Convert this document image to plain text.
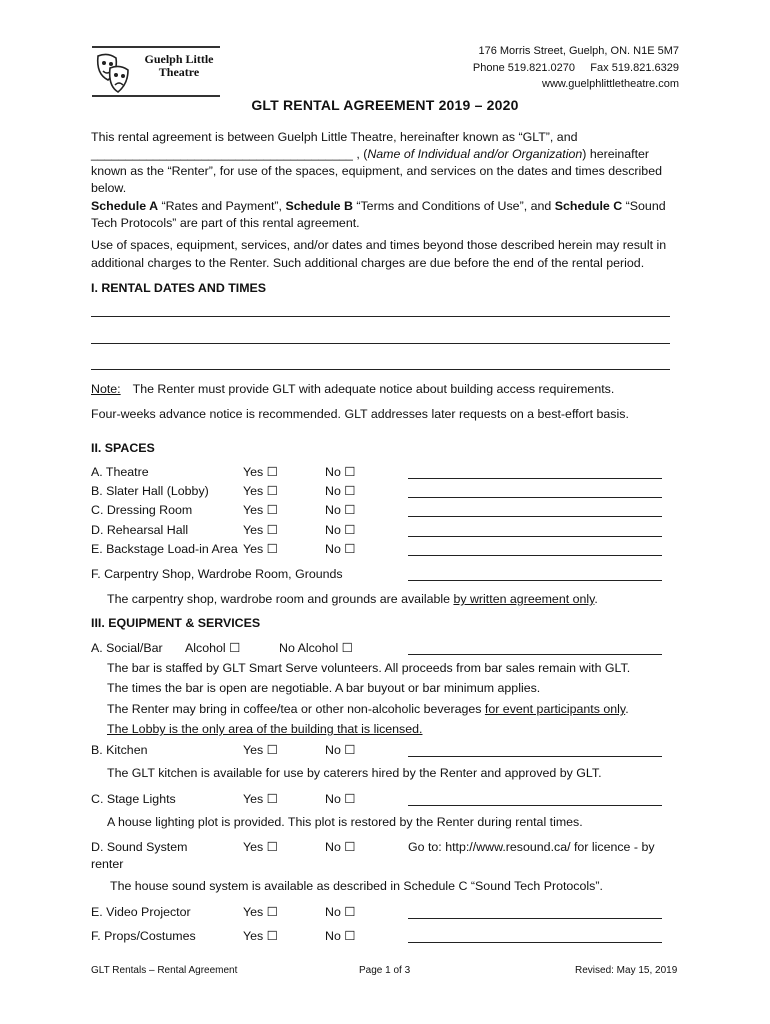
Guelph Little Theatre
176 Morris Street, Guelph, ON. N1E 5M7
Phone 519.821.0270     Fax 519.821.6329
www.guelphlittletheatre.com
GLT RENTAL AGREEMENT 2019 – 2020
This rental agreement is between Guelph Little Theatre, hereinafter known as “GLT”, and
______________________________________ , (Name of Individual and/or Organization) hereinafter
known as the “Renter”, for use of the spaces, equipment, and services on the dates and times described
below.
Schedule A “Rates and Payment”, Schedule B “Terms and Conditions of Use”, and Schedule C “Sound
Tech Protocols” are part of this rental agreement.
Use of spaces, equipment, services, and/or dates and times beyond those described herein may result in
additional charges to the Renter. Such additional charges are due before the end of the rental period.
I. RENTAL DATES AND TIMES
Note: The Renter must provide GLT with adequate notice about building access requirements.
Four-weeks advance notice is recommended. GLT addresses later requests on a best-effort basis.
II. SPACES
A. Theatre	Yes ☐	No ☐
B. Slater Hall (Lobby)	Yes ☐	No ☐
C. Dressing Room	Yes ☐	No ☐
D. Rehearsal Hall	Yes ☐	No ☐
E. Backstage Load-in Area Yes ☐	No ☐
F. Carpentry Shop, Wardrobe Room, Grounds
The carpentry shop, wardrobe room and grounds are available by written agreement only.
III. EQUIPMENT & SERVICES
A. Social/Bar Alcohol ☐	No Alcohol ☐
The bar is staffed by GLT Smart Serve volunteers. All proceeds from bar sales remain with GLT.
The times the bar is open are negotiable. A bar buyout or bar minimum applies.
The Renter may bring in coffee/tea or other non-alcoholic beverages for event participants only.
The Lobby is the only area of the building that is licensed.
B. Kitchen	Yes ☐	No ☐
The GLT kitchen is available for use by caterers hired by the Renter and approved by GLT.
C. Stage Lights	Yes ☐	No ☐
A house lighting plot is provided. This plot is restored by the Renter during rental times.
D. Sound System	Yes ☐	No ☐	Go to: http://www.resound.ca/ for licence - by
renter
The house sound system is available as described in Schedule C “Sound Tech Protocols”.
E. Video Projector	Yes ☐	No ☐
F. Props/Costumes	Yes ☐	No ☐
GLT Rentals – Rental Agreement	Page 1 of 3	Revised: May 15, 2019
